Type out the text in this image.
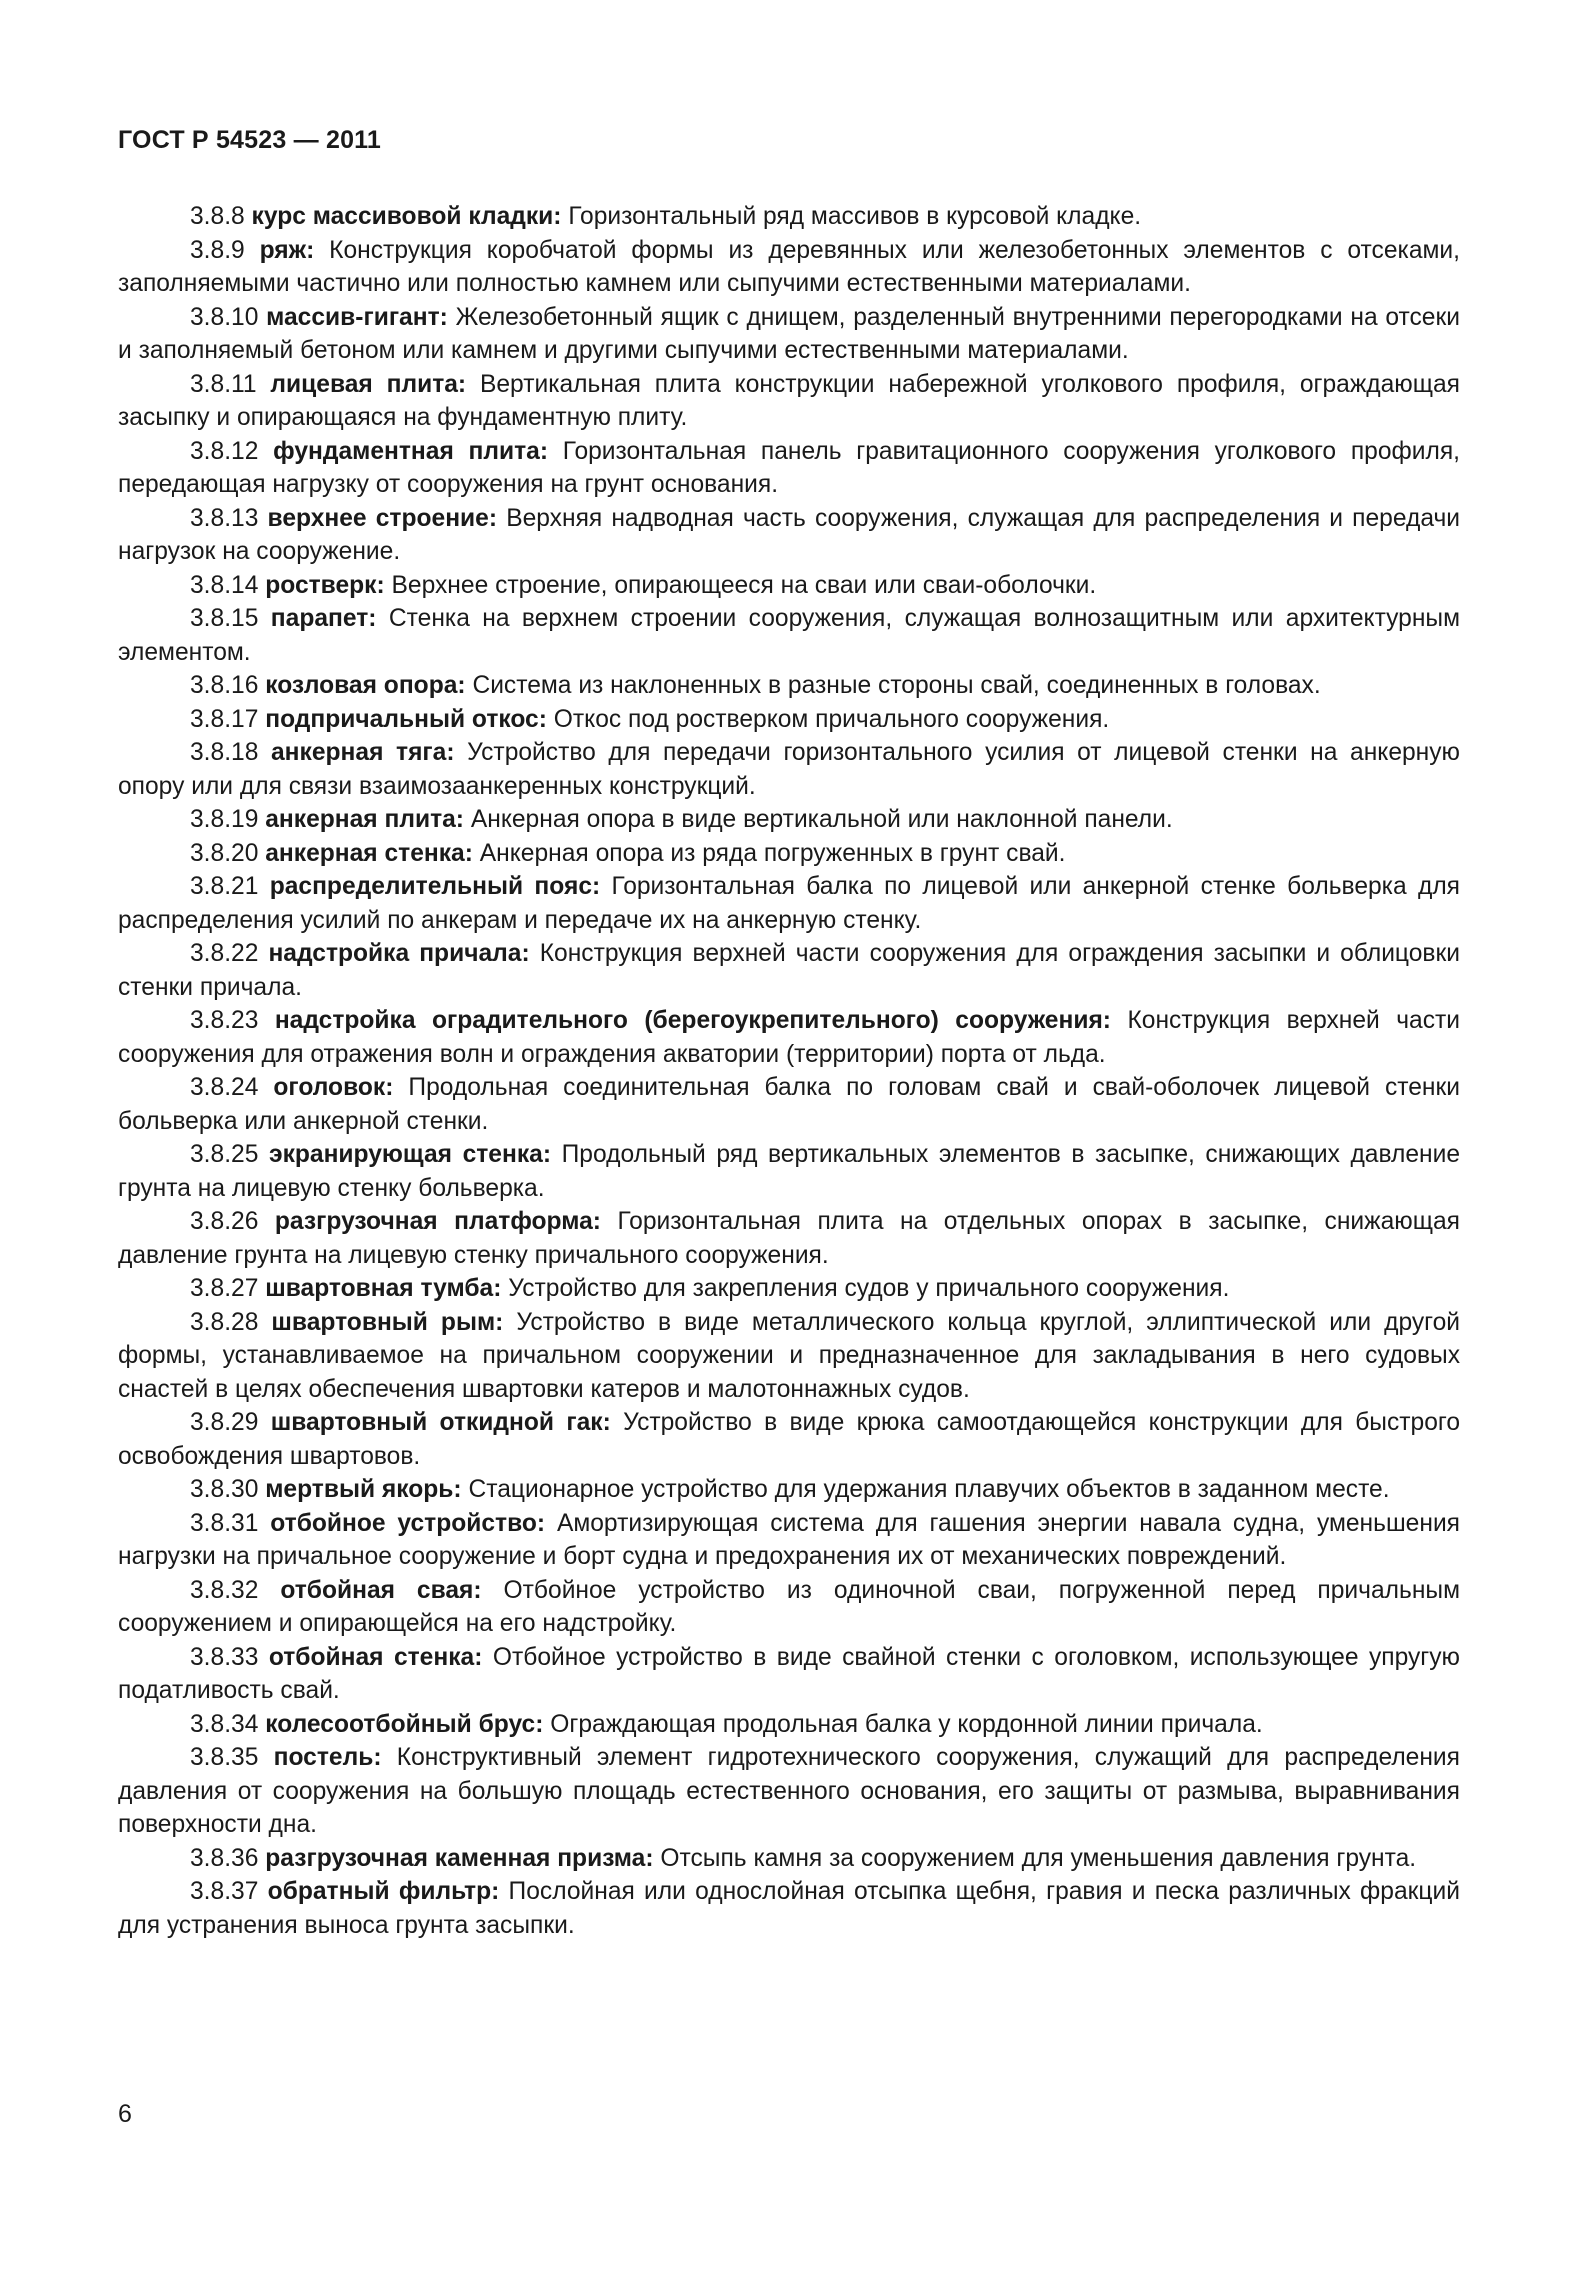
ГОСТ Р 54523 — 2011

3.8.8 курс массивовой кладки: Горизонтальный ряд массивов в курсовой кладке.

3.8.9 ряж: Конструкция коробчатой формы из деревянных или железобетонных элементов с отсеками, заполняемыми частично или полностью камнем или сыпучими естественными материалами.

3.8.10 массив-гигант: Железобетонный ящик с днищем, разделенный внутренними перегородками на отсеки и заполняемый бетоном или камнем и другими сыпучими естественными материалами.

3.8.11 лицевая плита: Вертикальная плита конструкции набережной уголкового профиля, ограждающая засыпку и опирающаяся на фундаментную плиту.

3.8.12 фундаментная плита: Горизонтальная панель гравитационного сооружения уголкового профиля, передающая нагрузку от сооружения на грунт основания.

3.8.13 верхнее строение: Верхняя надводная часть сооружения, служащая для распределения и передачи нагрузок на сооружение.

3.8.14 ростверк: Верхнее строение, опирающееся на сваи или сваи-оболочки.

3.8.15 парапет: Стенка на верхнем строении сооружения, служащая волнозащитным или архитектурным элементом.

3.8.16 козловая опора: Система из наклоненных в разные стороны свай, соединенных в головах.

3.8.17 подпричальный откос: Откос под ростверком причального сооружения.

3.8.18 анкерная тяга: Устройство для передачи горизонтального усилия от лицевой стенки на анкерную опору или для связи взаимозаанкеренных конструкций.

3.8.19 анкерная плита: Анкерная опора в виде вертикальной или наклонной панели.

3.8.20 анкерная стенка: Анкерная опора из ряда погруженных в грунт свай.

3.8.21 распределительный пояс: Горизонтальная балка по лицевой или анкерной стенке больверка для распределения усилий по анкерам и передаче их на анкерную стенку.

3.8.22 надстройка причала: Конструкция верхней части сооружения для ограждения засыпки и облицовки стенки причала.

3.8.23 надстройка оградительного (берегоукрепительного) сооружения: Конструкция верхней части сооружения для отражения волн и ограждения акватории (территории) порта от льда.

3.8.24 оголовок: Продольная соединительная балка по головам свай и свай-оболочек лицевой стенки больверка или анкерной стенки.

3.8.25 экранирующая стенка: Продольный ряд вертикальных элементов в засыпке, снижающих давление грунта на лицевую стенку больверка.

3.8.26 разгрузочная платформа: Горизонтальная плита на отдельных опорах в засыпке, снижающая давление грунта на лицевую стенку причального сооружения.

3.8.27 швартовная тумба: Устройство для закрепления судов у причального сооружения.

3.8.28 швартовный рым: Устройство в виде металлического кольца круглой, эллиптической или другой формы, устанавливаемое на причальном сооружении и предназначенное для закладывания в него судовых снастей в целях обеспечения швартовки катеров и малотоннажных судов.

3.8.29 швартовный откидной гак: Устройство в виде крюка самоотдающейся конструкции для быстрого освобождения швартовов.

3.8.30 мертвый якорь: Стационарное устройство для удержания плавучих объектов в заданном месте.

3.8.31 отбойное устройство: Амортизирующая система для гашения энергии навала судна, уменьшения нагрузки на причальное сооружение и борт судна и предохранения их от механических повреждений.

3.8.32 отбойная свая: Отбойное устройство из одиночной сваи, погруженной перед причальным сооружением и опирающейся на его надстройку.

3.8.33 отбойная стенка: Отбойное устройство в виде свайной стенки с оголовком, использующее упругую податливость свай.

3.8.34 колесоотбойный брус: Ограждающая продольная балка у кордонной линии причала.

3.8.35 постель: Конструктивный элемент гидротехнического сооружения, служащий для распределения давления от сооружения на большую площадь естественного основания, его защиты от размыва, выравнивания поверхности дна.

3.8.36 разгрузочная каменная призма: Отсыпь камня за сооружением для уменьшения давления грунта.

3.8.37 обратный фильтр: Послойная или однослойная отсыпка щебня, гравия и песка различных фракций для устранения выноса грунта засыпки.

6
